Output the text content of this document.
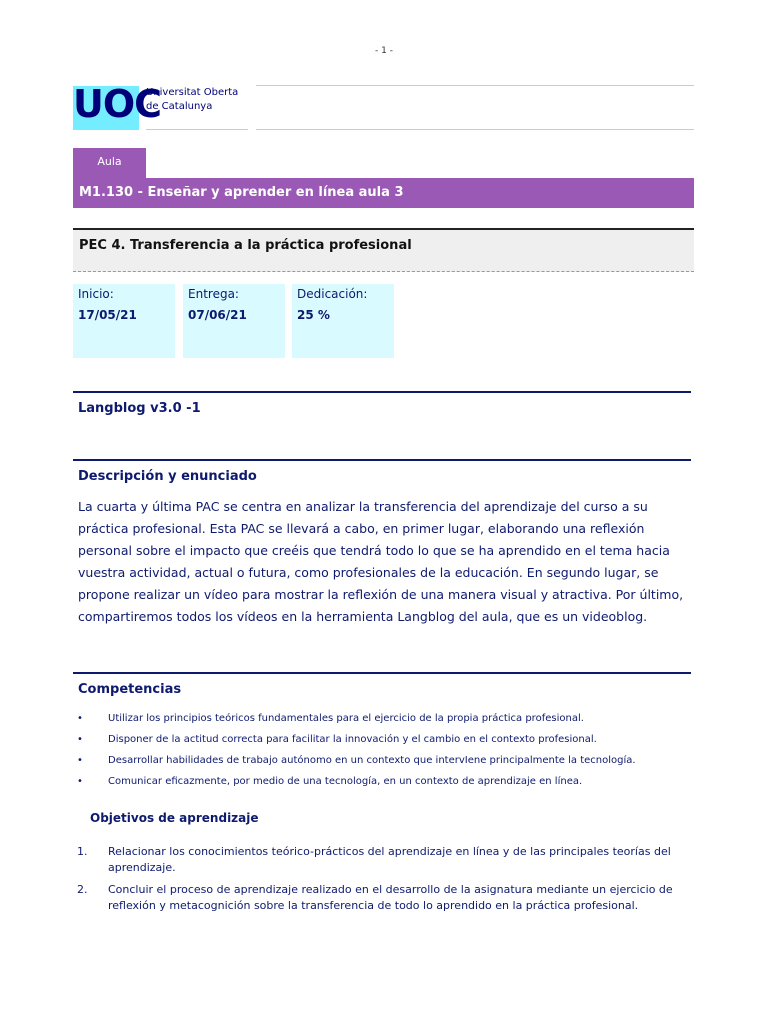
- 1 -
UOC
Universitat Oberta
de Catalunya
Aula
M1.130 - Enseñar y aprender en línea aula 3
PEC 4. Transferencia a la práctica profesional
Inicio:
17/05/21
Entrega:
07/06/21
Dedicación:
25 %
Langblog v3.0 -1
Descripción y enunciado
La cuarta y última PAC se centra en analizar la transferencia del aprendizaje del curso a su práctica profesional. Esta PAC se llevará a cabo, en primer lugar, elaborando una reflexión personal sobre el impacto que creéis que tendrá todo lo que se ha aprendido en el tema hacia vuestra actividad, actual o futura, como profesionales de la educación. En segundo lugar, se propone realizar un vídeo para mostrar la reflexión de una manera visual y atractiva. Por último, compartiremos todos los vídeos en la herramienta Langblog del aula, que es un videoblog.
Competencias
•	Utilizar los principios teóricos fundamentales para el ejercicio de la propia práctica profesional.
•	Disponer de la actitud correcta para facilitar la innovación y el cambio en el contexto profesional.
•	Desarrollar habilidades de trabajo autónomo en un contexto que intervIene principalmente la tecnología.
•	Comunicar eficazmente, por medio de una tecnología, en un contexto de aprendizaje en línea.
Objetivos de aprendizaje
1. Relacionar los conocimientos teórico-prácticos del aprendizaje en línea y de las principales teorías del aprendizaje.
2. Concluir el proceso de aprendizaje realizado en el desarrollo de la asignatura mediante un ejercicio de reflexión y metacognición sobre la transferencia de todo lo aprendido en la práctica profesional.
